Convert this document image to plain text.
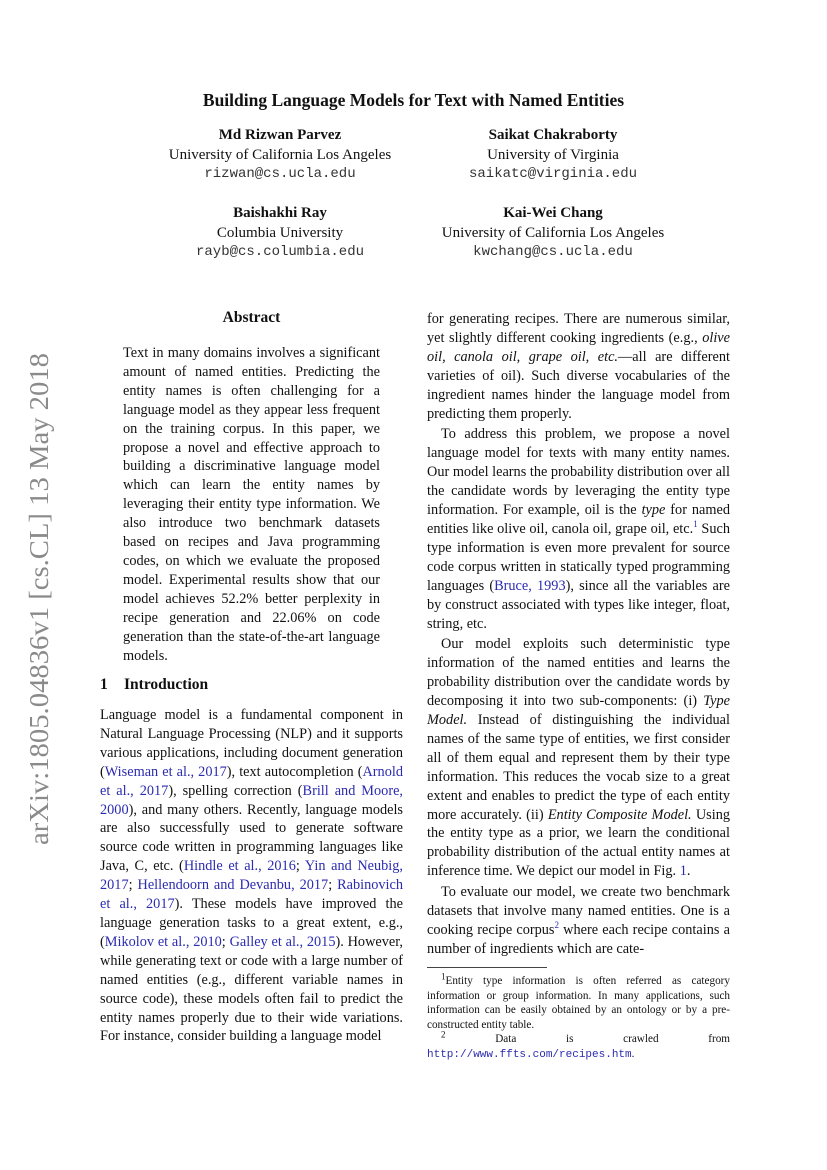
arXiv:1805.04836v1 [cs.CL] 13 May 2018
Building Language Models for Text with Named Entities
Md Rizwan Parvez
University of California Los Angeles
rizwan@cs.ucla.edu
Saikat Chakraborty
University of Virginia
saikatc@virginia.edu
Baishakhi Ray
Columbia University
rayb@cs.columbia.edu
Kai-Wei Chang
University of California Los Angeles
kwchang@cs.ucla.edu
Abstract
Text in many domains involves a significant amount of named entities. Predicting the entity names is often challenging for a language model as they appear less frequent on the training corpus. In this paper, we propose a novel and effective approach to building a discriminative language model which can learn the entity names by leveraging their entity type information. We also introduce two benchmark datasets based on recipes and Java programming codes, on which we evaluate the proposed model. Experimental results show that our model achieves 52.2% better perplexity in recipe generation and 22.06% on code generation than the state-of-the-art language models.
1 Introduction
Language model is a fundamental component in Natural Language Processing (NLP) and it supports various applications, including document generation (Wiseman et al., 2017), text autocompletion (Arnold et al., 2017), spelling correction (Brill and Moore, 2000), and many others. Recently, language models are also successfully used to generate software source code written in programming languages like Java, C, etc. (Hindle et al., 2016; Yin and Neubig, 2017; Hellendoorn and Devanbu, 2017; Rabinovich et al., 2017). These models have improved the language generation tasks to a great extent, e.g., (Mikolov et al., 2010; Galley et al., 2015). However, while generating text or code with a large number of named entities (e.g., different variable names in source code), these models often fail to predict the entity names properly due to their wide variations. For instance, consider building a language model

for generating recipes. There are numerous similar, yet slightly different cooking ingredients (e.g., olive oil, canola oil, grape oil, etc.—all are different varieties of oil). Such diverse vocabularies of the ingredient names hinder the language model from predicting them properly.

To address this problem, we propose a novel language model for texts with many entity names. Our model learns the probability distribution over all the candidate words by leveraging the entity type information. For example, oil is the type for named entities like olive oil, canola oil, grape oil, etc.$^1$ Such type information is even more prevalent for source code corpus written in statically typed programming languages (Bruce, 1993), since all the variables are by construct associated with types like integer, float, string, etc.

Our model exploits such deterministic type information of the named entities and learns the probability distribution over the candidate words by decomposing it into two sub-components: (i) Type Model. Instead of distinguishing the individual names of the same type of entities, we first consider all of them equal and represent them by their type information. This reduces the vocab size to a great extent and enables to predict the type of each entity more accurately. (ii) Entity Composite Model. Using the entity type as a prior, we learn the conditional probability distribution of the actual entity names at inference time. We depict our model in Fig. 1.

To evaluate our model, we create two benchmark datasets that involve many named entities. One is a cooking recipe corpus$^2$ where each recipe contains a number of ingredients which are cate-

$^1$Entity type information is often referred as category information or group information. In many applications, such information can be easily obtained by an ontology or by a pre-constructed entity table.

$^2$ Data is crawled from http://www.ffts.com/recipes.htm.
